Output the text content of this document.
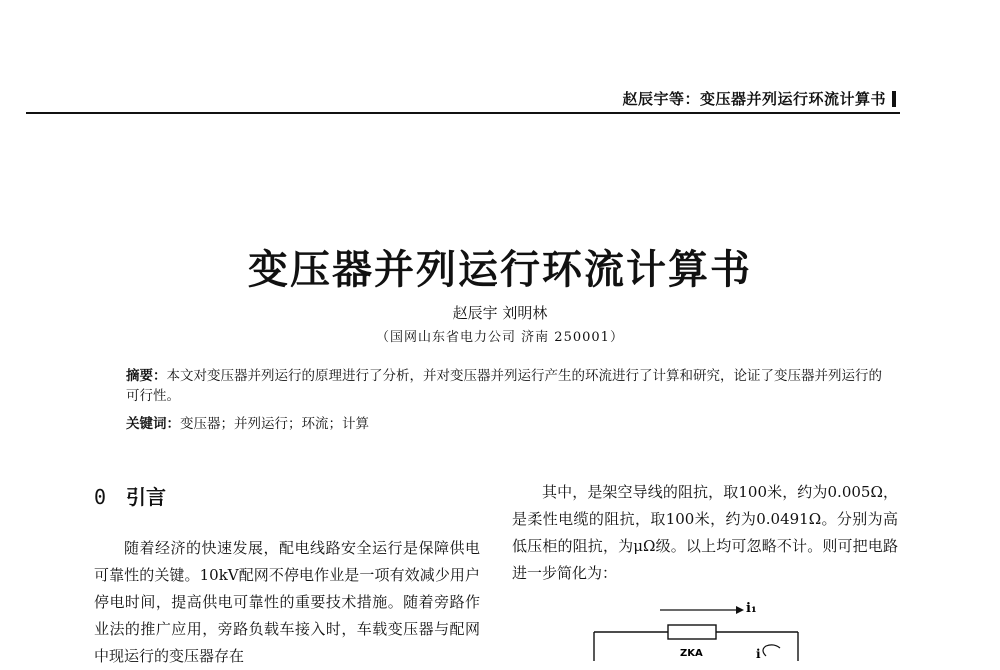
赵辰宇等：变压器并列运行环流计算书
变压器并列运行环流计算书
赵辰宇 刘明林
（国网山东省电力公司 济南 250001）
摘要：本文对变压器并列运行的原理进行了分析，并对变压器并列运行产生的环流进行了计算和研究，论证了变压器并列运行的可行性。
关键词：变压器；并列运行；环流；计算
0 引言

随着经济的快速发展，配电线路安全运行是保障供电可靠性的关键。10kV配网不停电作业是一项有效减少用户停电时间，提高供电可靠性的重要技术措施。随着旁路作业法的推广应用，旁路负载车接入时，车载变压器与配网中现运行的变压器存在

其中，是架空导线的阻抗，取100米，约为0.005Ω， 是柔性电缆的阻抗，取100米，约为0.0491Ω。分别为高低压柜的阻抗，为μΩ级。以上均可忽略不计。则可把电路进一步简化为：

i₁
ZKA	i
